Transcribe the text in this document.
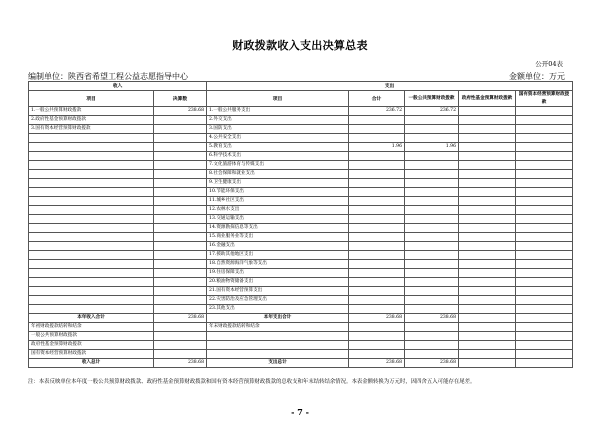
财政拨款收入支出决算总表
公开04表
编制单位：陕西省希望工程公益志愿指导中心	金额单位：万元
收入		支出				
项目	决算数	项目	合计	一般公共预算财政拨款	政府性基金预算财政拨款	国有资本经营预算财政拨款
1.一般公共预算财政拨款	238.68	1.一般公共服务支出	236.72	236.72		
2.政府性基金预算财政拨款		2.外交支出				
3.国有资本经营预算财政拨款		3.国防支出				
		4.公共安全支出				
		5.教育支出	1.96	1.96		
		6.科学技术支出				
		7.文化旅游体育与传媒支出				
		8.社会保障和就业支出				
		9.卫生健康支出				
		10.节能环保支出				
		11.城乡社区支出				
		12.农林水支出				
		13.交通运输支出				
		14.资源勘探信息等支出				
		15.商业服务业等支出				
		16.金融支出				
		17.援助其他地区支出				
		18.自然资源海洋气象等支出				
		19.住房保障支出				
		20.粮油物资储备支出				
		21.国有资本经营预算支出				
		22.灾害防治及应急管理支出				
		23.其他支出				
本年收入合计	238.68	本年支出合计	238.68	238.68		
年初财政拨款结转和结余		年末财政拨款结转和结余				
一般公共预算财政拨款						
政府性基金预算财政拨款						
国有资本经营预算财政拨款						
收入总计	238.68	支出总计	238.68	238.68		
注：本表反映单位本年度一般公共预算财政拨款、政府性基金预算财政拨款和国有资本经营预算财政拨款的总收支和年末结转结余情况。本表金额转换为万元时，因四舍五入可能存在尾差。
- 7 -
